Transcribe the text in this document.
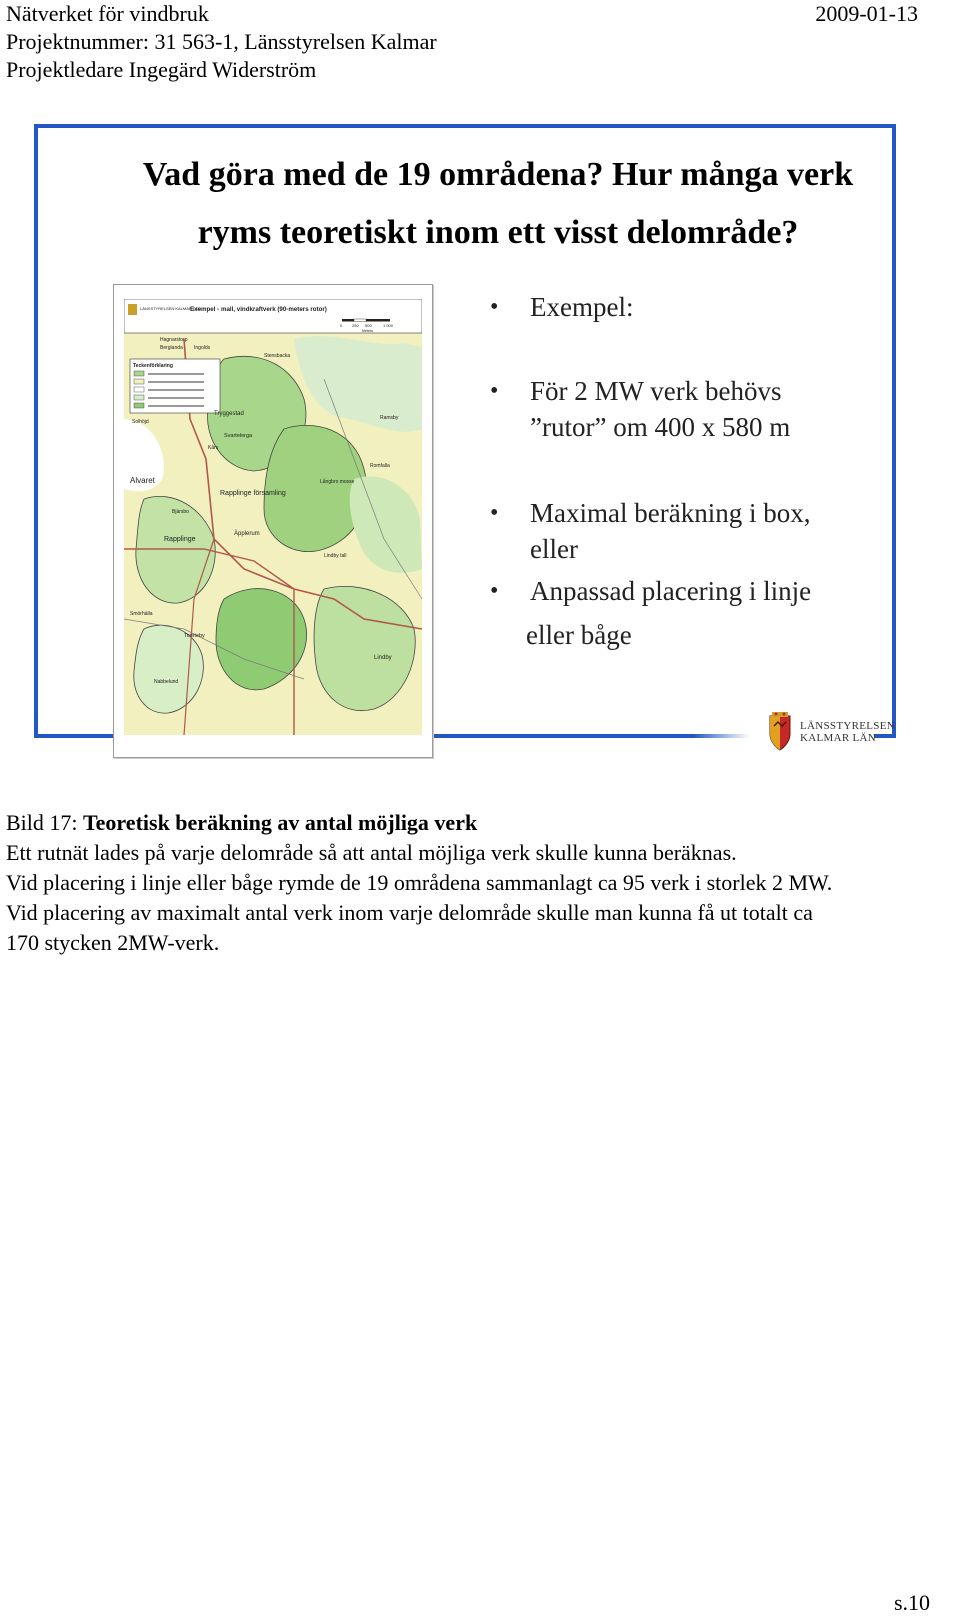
Nätverket för vindbruk	2009-01-13
Projektnummer: 31 563-1, Länsstyrelsen Kalmar
Projektledare Ingegärd Widerström
Vad göra med de 19 områdena? Hur många verk
ryms teoretiskt inom ett visst delområde?
LÄNSSTYRELSEN KALMAR LÄN
Exempel - mall, vindkraftverk (90-meters rotor)
0 250 500	1 000
Meters
Teckenförklaring
Hagnarstorp
Berglanda Ingolds
Stensbacka
Solhöjd
Tryggestad
Svartelerga
Kårs
Alvaret
Rapplinge församling
Bjärsbo
Rapplinge
Äpplerum
Lindby
Lindby tall
Tomteby
Nabbelund
Smörhälla
Långbro mosse
Romfalla
Ramsby
• Exempel:
• För 2 MW verk behövs
”rutor” om 400 x 580 m
• Maximal beräkning i box,
eller
• Anpassad placering i linje
eller båge
LÄNSSTYRELSEN
KALMAR LÄN
Bild 17: Teoretisk beräkning av antal möjliga verk
Ett rutnät lades på varje delområde så att antal möjliga verk skulle kunna beräknas.
Vid placering i linje eller båge rymde de 19 områdena sammanlagt ca 95 verk i storlek 2 MW.
Vid placering av maximalt antal verk inom varje delområde skulle man kunna få ut totalt ca
170 stycken 2MW-verk.
s.10
